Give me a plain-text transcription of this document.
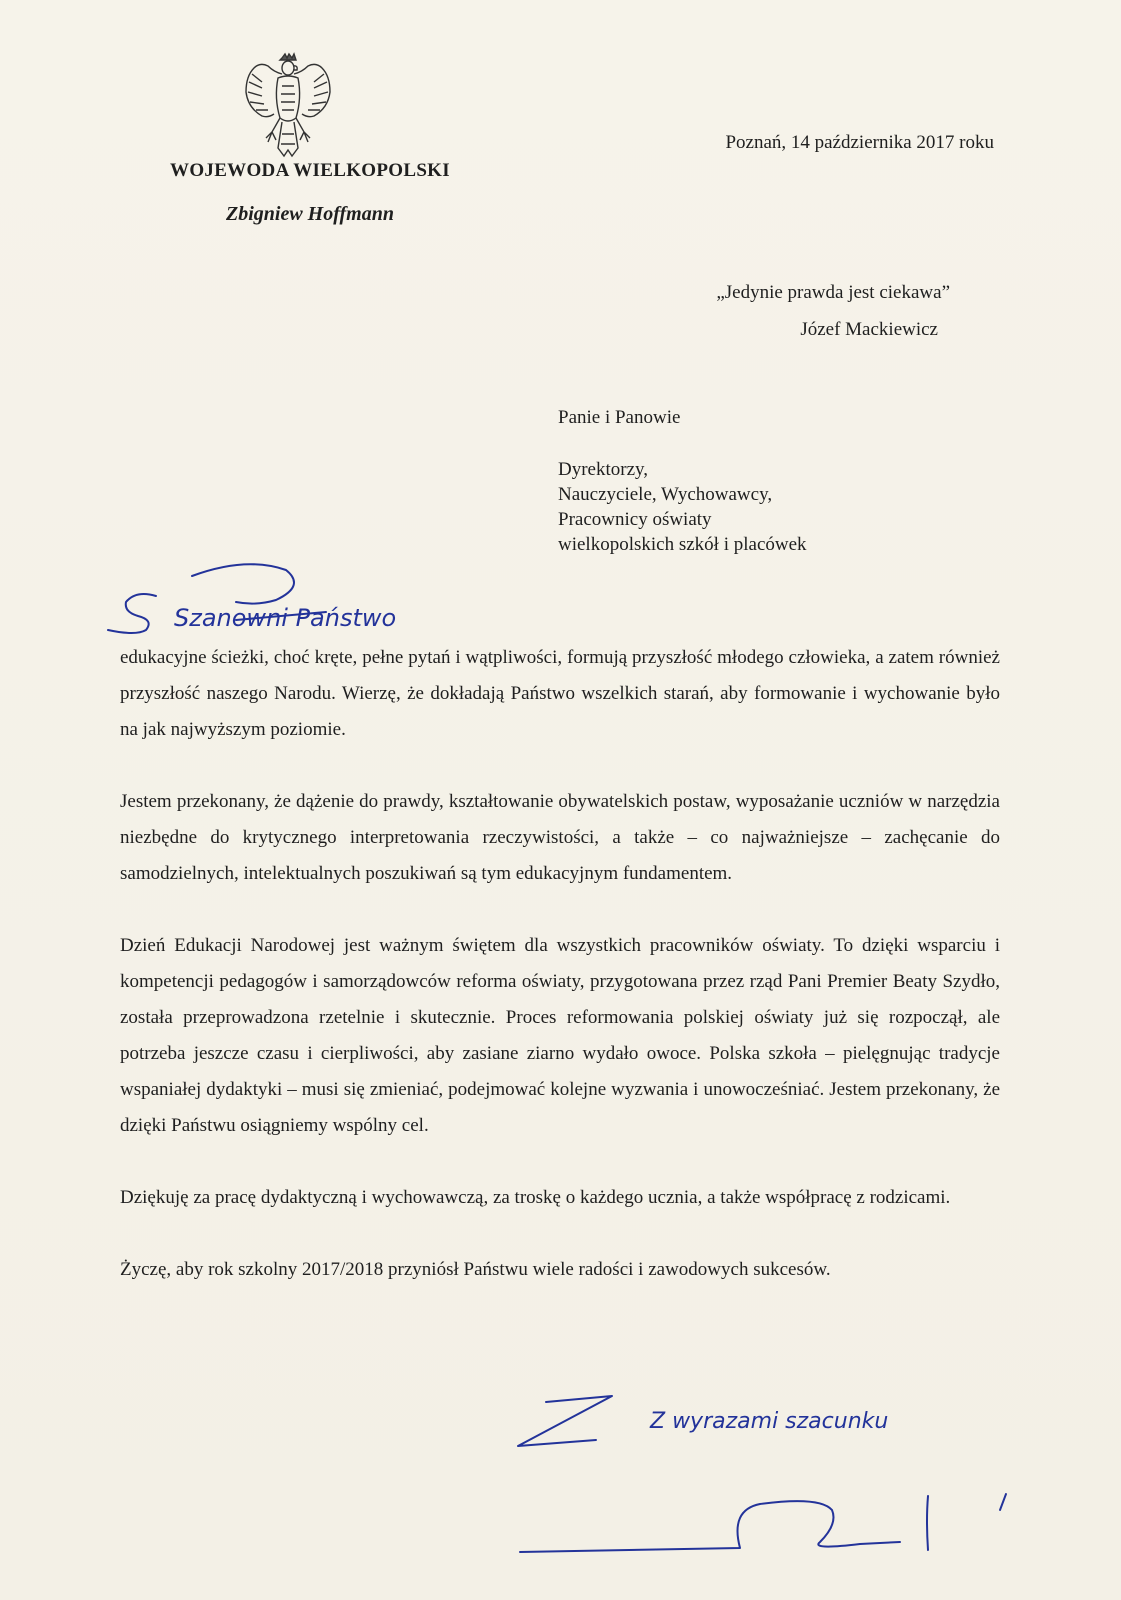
WOJEWODA WIELKOPOLSKI
Zbigniew Hoffmann
Poznań, 14 października 2017 roku
„Jedynie prawda jest ciekawa”
Józef Mackiewicz
Panie i Panowie
Dyrektorzy,
Nauczyciele, Wychowawcy,
Pracownicy oświaty
wielkopolskich szkół i placówek
Szanowni Państwo

edukacyjne ścieżki, choć kręte, pełne pytań i wątpliwości, formują przyszłość młodego człowieka, a zatem również przyszłość naszego Narodu. Wierzę, że dokładają Państwo wszelkich starań, aby formowanie i wychowanie było na jak najwyższym poziomie.

Jestem przekonany, że dążenie do prawdy, kształtowanie obywatelskich postaw, wyposażanie uczniów w narzędzia niezbędne do krytycznego interpretowania rzeczywistości, a także – co najważniejsze – zachęcanie do samodzielnych, intelektualnych poszukiwań są tym edukacyjnym fundamentem.

Dzień Edukacji Narodowej jest ważnym świętem dla wszystkich pracowników oświaty. To dzięki wsparciu i kompetencji pedagogów i samorządowców reforma oświaty, przygotowana przez rząd Pani Premier Beaty Szydło, została przeprowadzona rzetelnie i skutecznie. Proces reformowania polskiej oświaty już się rozpoczął, ale potrzeba jeszcze czasu i cierpliwości, aby zasiane ziarno wydało owoce. Polska szkoła – pielęgnując tradycje wspaniałej dydaktyki – musi się zmieniać, podejmować kolejne wyzwania i unowocześniać. Jestem przekonany, że dzięki Państwu osiągniemy wspólny cel.

Dziękuję za pracę dydaktyczną i wychowawczą, za troskę o każdego ucznia, a także współpracę z rodzicami.

Życzę, aby rok szkolny 2017/2018 przyniósł Państwu wiele radości i zawodowych sukcesów.

Z wyrazami szacunku
